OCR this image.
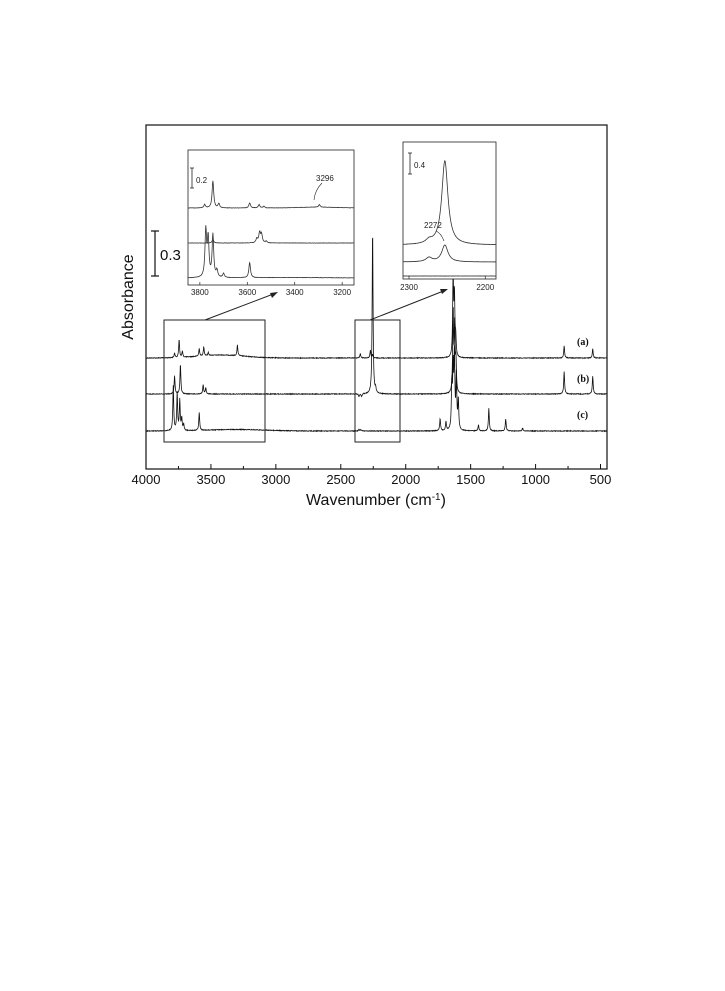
3800	3600	3400	3200
0.2	3296
2300	2200
0.4
2272
0.3
(a)
(b)
(c)
4000	3500	3000	2500	2000	1500	1000	500
Wavenumber $(cm^{-1})$
Absorbance
